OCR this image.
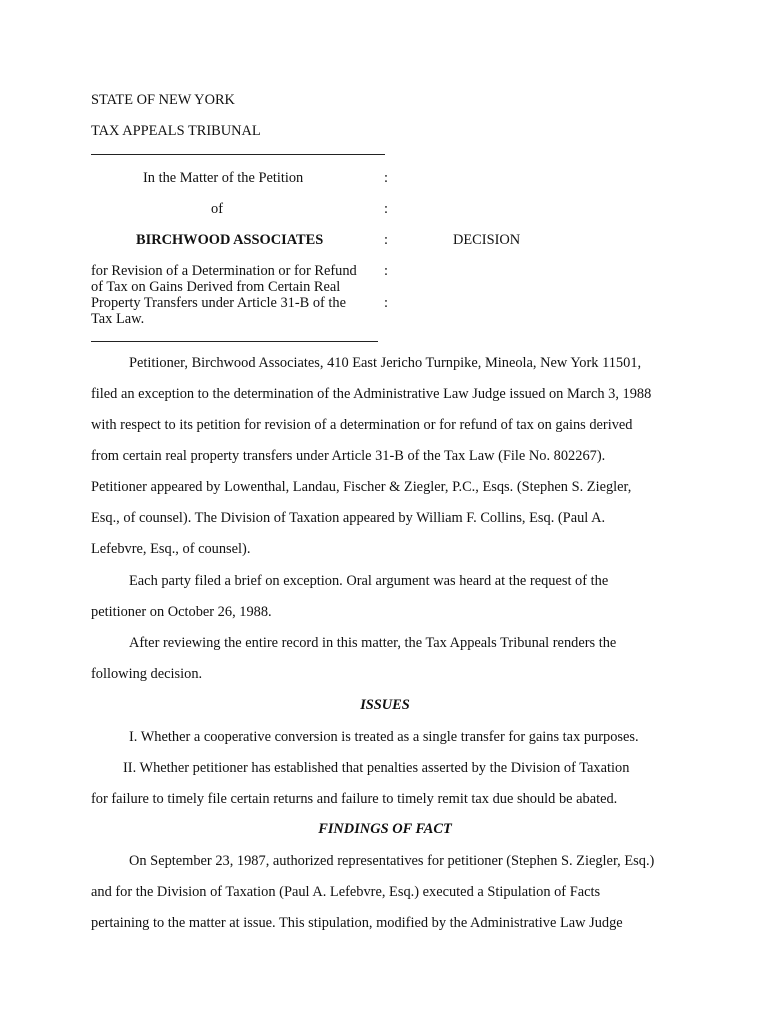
STATE OF NEW YORK
TAX APPEALS TRIBUNAL
In the Matter of the Petition	:
of	:
BIRCHWOOD ASSOCIATES	:	DECISION
for Revision of a Determination or for Refund :
of Tax on Gains Derived from Certain Real
Property Transfers under Article 31-B of the	:
Tax Law.
Petitioner, Birchwood Associates, 410 East Jericho Turnpike, Mineola, New York 11501,
filed an exception to the determination of the Administrative Law Judge issued on March 3, 1988
with respect to its petition for revision of a determination or for refund of tax on gains derived
from certain real property transfers under Article 31-B of the Tax Law (File No. 802267).
Petitioner appeared by Lowenthal, Landau, Fischer & Ziegler, P.C., Esqs. (Stephen S. Ziegler,
Esq., of counsel). The Division of Taxation appeared by William F. Collins, Esq. (Paul A.
Lefebvre, Esq., of counsel).
Each party filed a brief on exception. Oral argument was heard at the request of the
petitioner on October 26, 1988.
After reviewing the entire record in this matter, the Tax Appeals Tribunal renders the
following decision.
ISSUES
I. Whether a cooperative conversion is treated as a single transfer for gains tax purposes.
II. Whether petitioner has established that penalties asserted by the Division of Taxation
for failure to timely file certain returns and failure to timely remit tax due should be abated.
FINDINGS OF FACT
On September 23, 1987, authorized representatives for petitioner (Stephen S. Ziegler, Esq.)
and for the Division of Taxation (Paul A. Lefebvre, Esq.) executed a Stipulation of Facts
pertaining to the matter at issue. This stipulation, modified by the Administrative Law Judge
